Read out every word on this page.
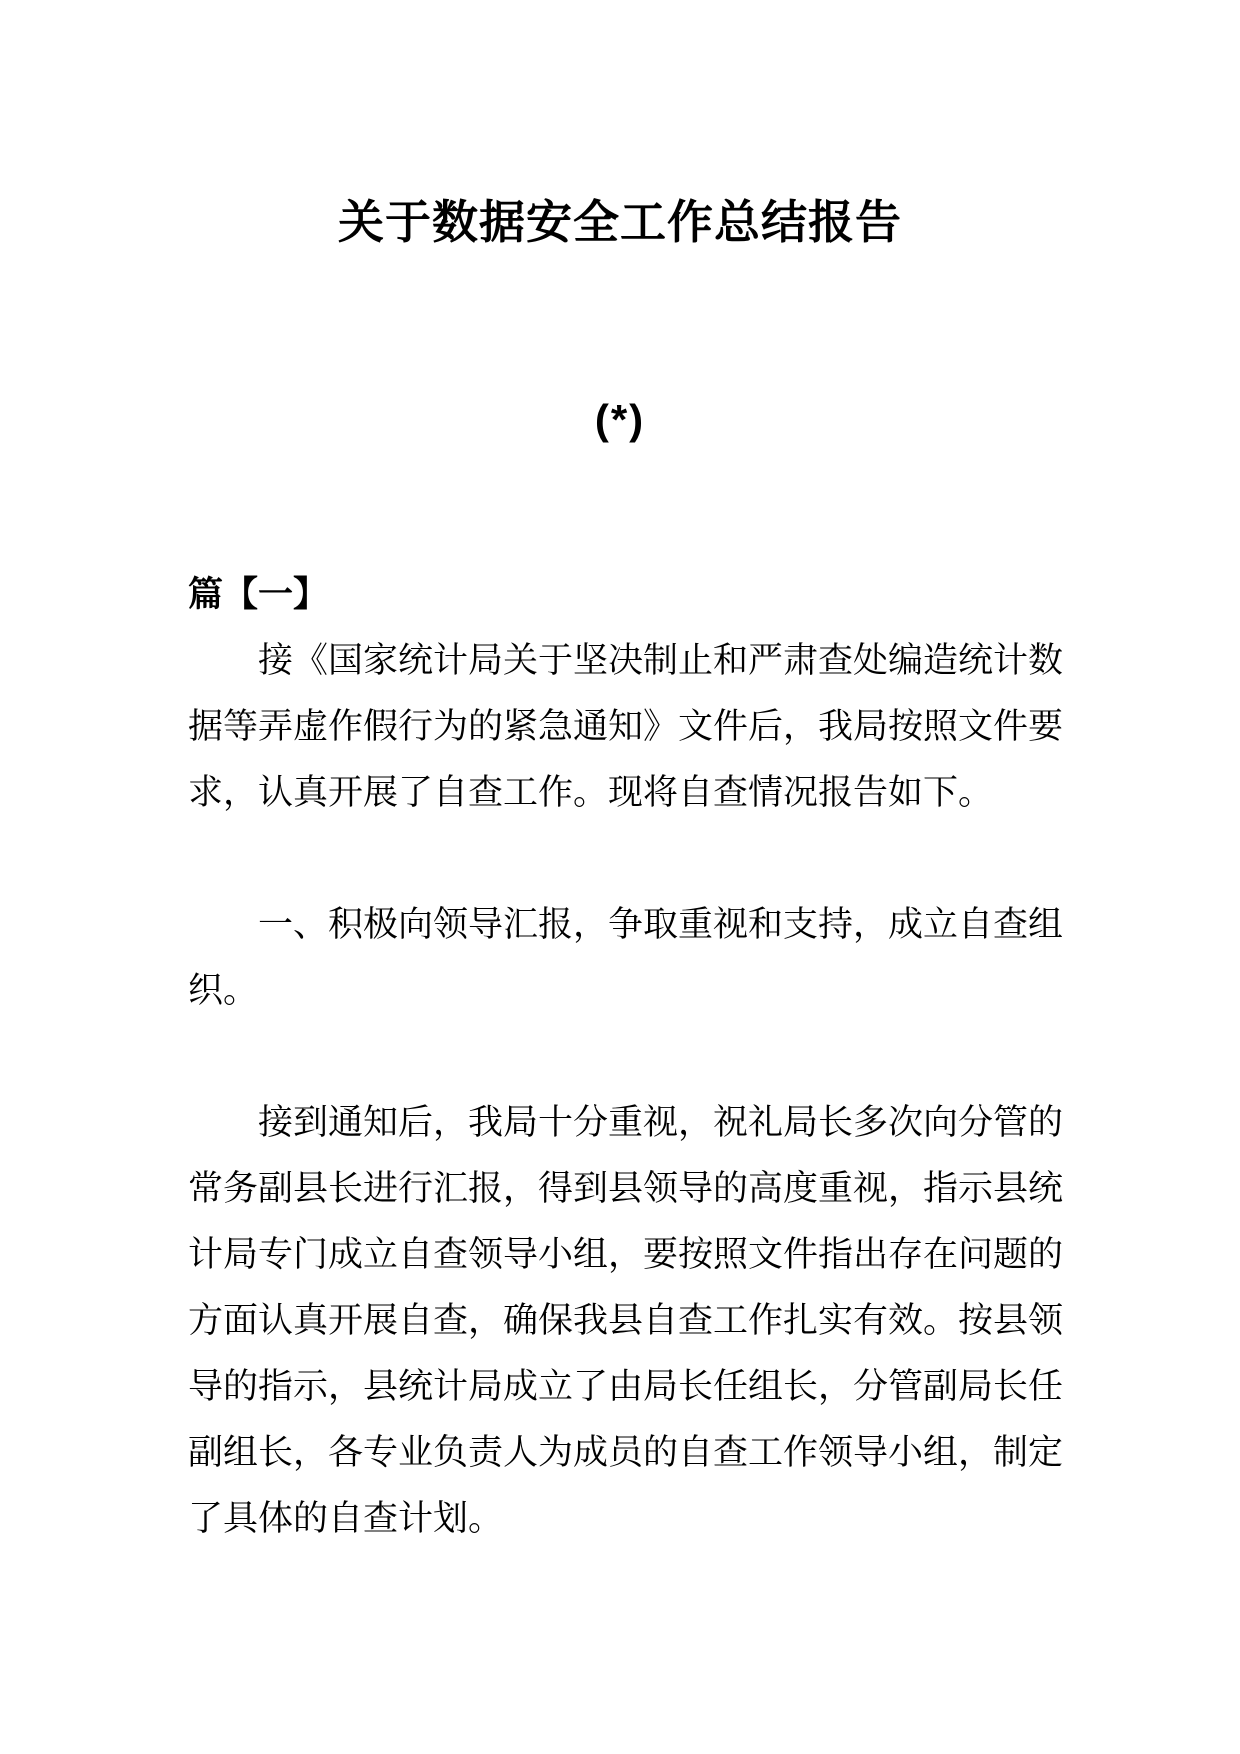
关于数据安全工作总结报告
(*)
篇【一】
接《国家统计局关于坚决制止和严肃查处编造统计数
据等弄虚作假行为的紧急通知》文件后，我局按照文件要
求，认真开展了自查工作。现将自查情况报告如下。
一、积极向领导汇报，争取重视和支持，成立自查组
织。
接到通知后，我局十分重视，祝礼局长多次向分管的
常务副县长进行汇报，得到县领导的高度重视，指示县统
计局专门成立自查领导小组，要按照文件指出存在问题的
方面认真开展自查，确保我县自查工作扎实有效。按县领
导的指示，县统计局成立了由局长任组长，分管副局长任
副组长，各专业负责人为成员的自查工作领导小组，制定
了具体的自查计划。
